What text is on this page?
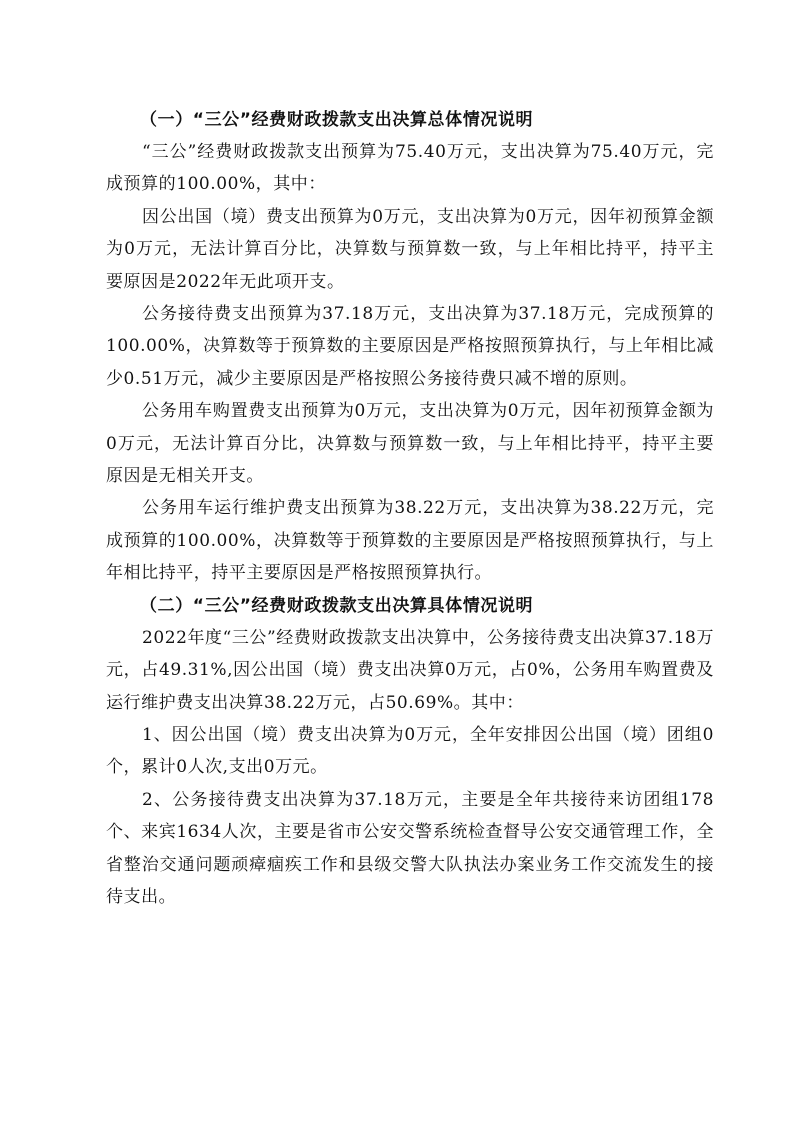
（一）“三公”经费财政拨款支出决算总体情况说明

“三公”经费财政拨款支出预算为75.40万元，支出决算为75.40万元，完成预算的100.00%，其中：

因公出国（境）费支出预算为0万元，支出决算为0万元，因年初预算金额为0万元，无法计算百分比，决算数与预算数一致，与上年相比持平，持平主要原因是2022年无此项开支。

公务接待费支出预算为37.18万元，支出决算为37.18万元，完成预算的100.00%，决算数等于预算数的主要原因是严格按照预算执行，与上年相比减少0.51万元，减少主要原因是严格按照公务接待费只减不增的原则。

公务用车购置费支出预算为0万元，支出决算为0万元，因年初预算金额为0万元，无法计算百分比，决算数与预算数一致，与上年相比持平，持平主要原因是无相关开支。

公务用车运行维护费支出预算为38.22万元，支出决算为38.22万元，完成预算的100.00%，决算数等于预算数的主要原因是严格按照预算执行，与上年相比持平，持平主要原因是严格按照预算执行。

（二）“三公”经费财政拨款支出决算具体情况说明

2022年度“三公”经费财政拨款支出决算中，公务接待费支出决算37.18万元，占49.31%,因公出国（境）费支出决算0万元，占0%，公务用车购置费及运行维护费支出决算38.22万元，占50.69%。其中：

1、因公出国（境）费支出决算为0万元，全年安排因公出国（境）团组0个，累计0人次,支出0万元。

2、公务接待费支出决算为37.18万元，主要是全年共接待来访团组178个、来宾1634人次，主要是省市公安交警系统检查督导公安交通管理工作，全省整治交通问题顽瘴痼疾工作和县级交警大队执法办案业务工作交流发生的接待支出。
